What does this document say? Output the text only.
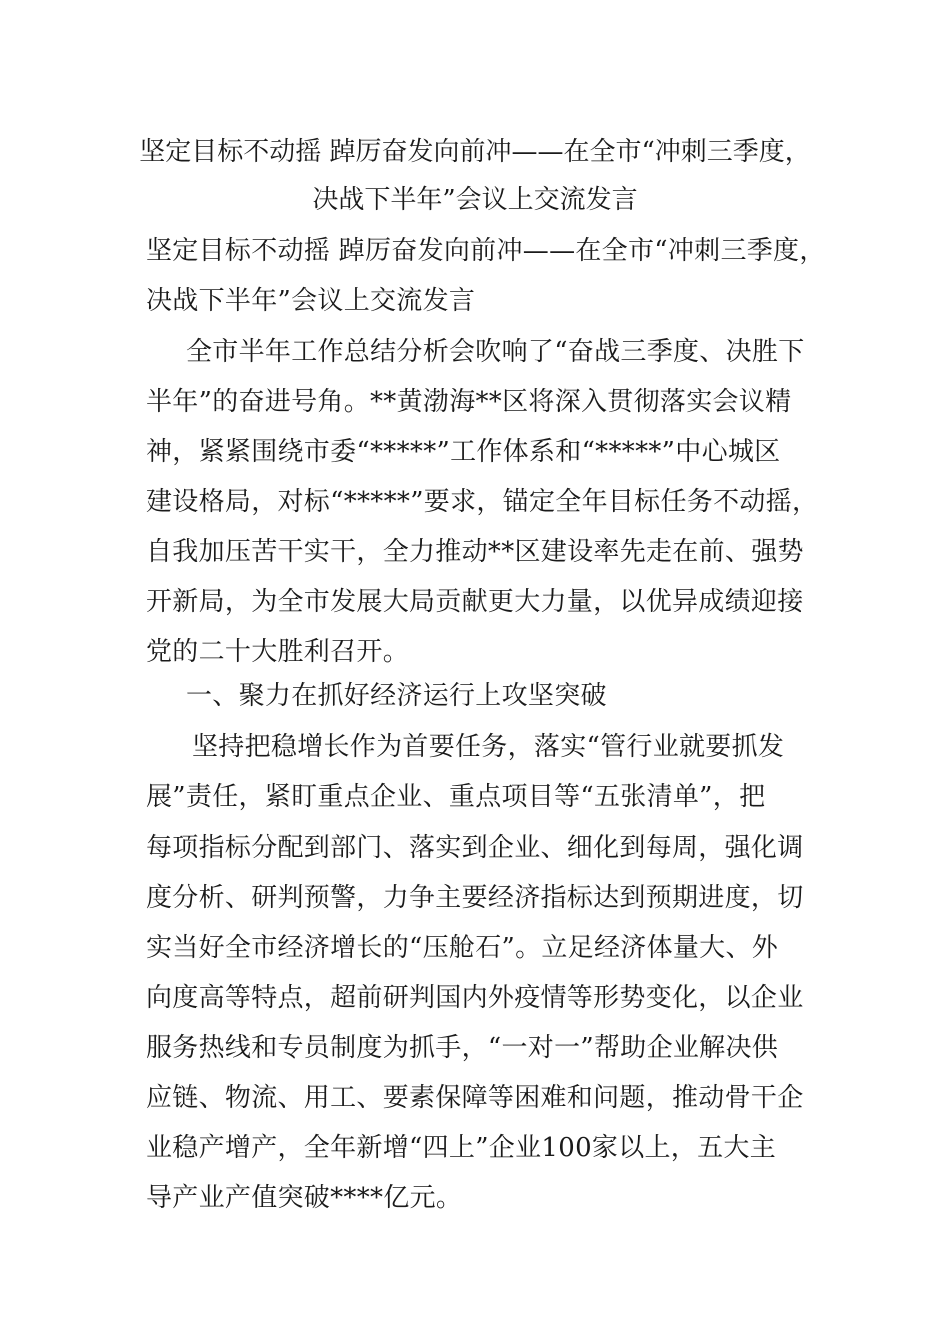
坚定目标不动摇 踔厉奋发向前冲——在全市“冲刺三季度，
决战下半年”会议上交流发言
坚定目标不动摇 踔厉奋发向前冲——在全市“冲刺三季度，
决战下半年”会议上交流发言
全市半年工作总结分析会吹响了“奋战三季度、决胜下
半年”的奋进号角。**黄渤海**区将深入贯彻落实会议精
神，紧紧围绕市委“*****”工作体系和“*****”中心城区
建设格局，对标“*****”要求，锚定全年目标任务不动摇，
自我加压苦干实干，全力推动**区建设率先走在前、强势
开新局，为全市发展大局贡献更大力量，以优异成绩迎接
党的二十大胜利召开。
一、聚力在抓好经济运行上攻坚突破
坚持把稳增长作为首要任务，落实“管行业就要抓发
展”责任，紧盯重点企业、重点项目等“五张清单”，把
每项指标分配到部门、落实到企业、细化到每周，强化调
度分析、研判预警，力争主要经济指标达到预期进度，切
实当好全市经济增长的“压舱石”。立足经济体量大、外
向度高等特点，超前研判国内外疫情等形势变化，以企业
服务热线和专员制度为抓手，“一对一”帮助企业解决供
应链、物流、用工、要素保障等困难和问题，推动骨干企
业稳产增产，全年新增“四上”企业100家以上，五大主
导产业产值突破****亿元。
